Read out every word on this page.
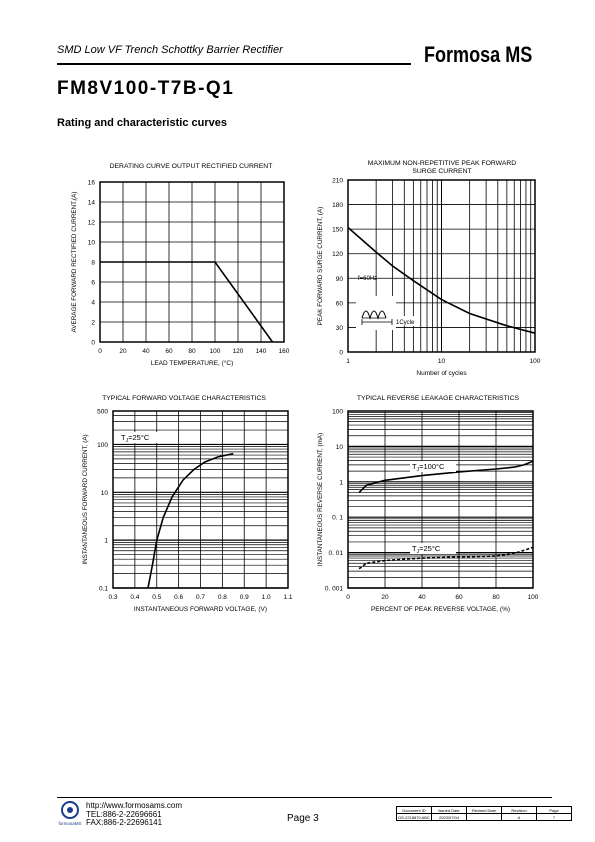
SMD Low VF Trench Schottky Barrier Rectifier	Formosa MS
FM8V100-T7B-Q1
Rating and characteristic curves
0	20 40 60 80 100 120 140 160
0
2
4
6
8
10
12
14
16
LEAD TEMPERATURE, (°C)
AVERAGE FORWARD RECTIFIED CURRENT,(A)
1	10	100
0
30
60
90
120
150
180
210
Number of cycles
PEAK FORWARD SURGE CURRENT, (A)
0.3 0.4 0.5 0.6 0.7 0.8 0.9 1.0 1.1
0.1
1
10
100
500
INSTANTANEOUS FORWARD VOLTAGE, (V)
INSTANTANEOUS FORWARD CURRENT, (A)
0	20	40	60	80	100
0. 001
0. 01
0. 1
1
10
100
PERCENT OF PEAK REVERSE VOLTAGE, (%)
INSTANTANEOUS REVERSE CURRENT, (mA)
DERATING CURVE OUTPUT RECTIFIED CURRENT	MAXIMUM NON-REPETITIVE PEAK FORWARD
SURGE CURRENT
TYPICAL FORWARD VOLTAGE CHARACTERISTICS	TYPICAL REVERSE LEAKAGE CHARACTERISTICS
f=60Hz
1Cycle
$T_J=25^\circ C$
$T_J=100^\circ C$
$T_J=25^\circ C$
formosaMS
http://www.formosams.com
TEL:886-2-22696661
FAX:886-2-22696141	Page 3
Document ID	Issued Date	Revised Date	Revision	Page
DS-2218870 ABC	2023/07/04		A	7
